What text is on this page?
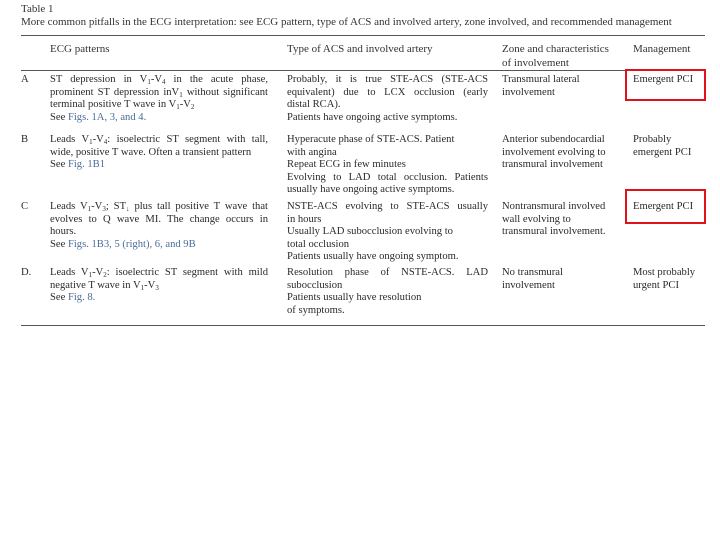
Table 1
More common pitfalls in the ECG interpretation: see ECG pattern, type of ACS and involved artery, zone involved, and recommended management
ECG patterns	Type of ACS and involved artery	Zone and characteristics
of involvement
Management
A ST depression in $V_1-V_4$ in the acute phase,
prominent ST depression inV$_1$ without significant
terminal positive T wave in $V_1-V_2$
See Figs. 1A, 3, and 4.
Probably, it is true STE-ACS (STE-ACS
equivalent) due to LCX occlusion (early
distal RCA).
Patients have ongoing active symptoms.
Transmural lateral
involvement
Emergent PCI
B Leads $V_1-V_4$: isoelectric ST segment with tall,
wide, positive T wave. Often a transient pattern
See Fig. 1B1
Hyperacute phase of STE-ACS. Patient
with angina
Repeat ECG in few minutes
Evolving to LAD total occlusion. Patients
usually have ongoing active symptoms.
Anterior subendocardial
involvement evolving to
transmural involvement
Probably
emergent PCI
C Leads $V_1-V_3$; $ST_↓$ plus tall positive T wave that
evolves to Q wave MI. The change occurs in
hours.
See Figs. 1B3, 5 (right), 6, and 9B
NSTE-ACS evolving to STE-ACS usually
in hours
Usually LAD subocclusion evolving to
total occlusion
Patients usually have ongoing symptom.
Nontransmural involved
wall evolving to
transmural involvement.
Emergent PCI
D. Leads $V_1-V_2$: isoelectric ST segment with mild
negative T wave in $V_1-V_3$
See Fig. 8.
Resolution phase of NSTE-ACS. LAD
subocclusion
Patients usually have resolution
of symptoms.
No transmural
involvement
Most probably
urgent PCI
